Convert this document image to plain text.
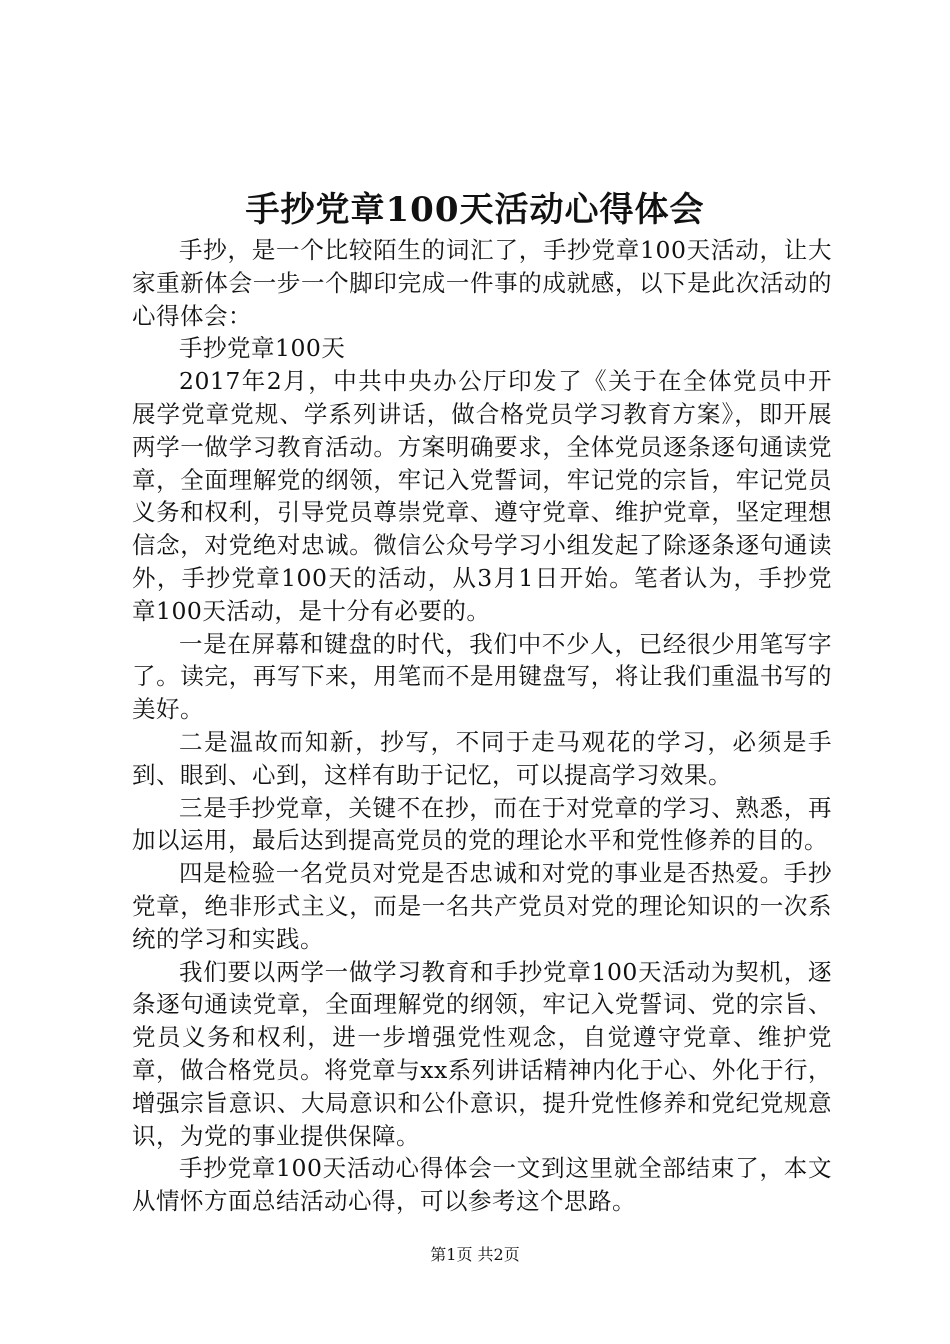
手抄党章100天活动心得体会

手抄，是一个比较陌生的词汇了，手抄党章100天活动，让大家重新体会一步一个脚印完成一件事的成就感，以下是此次活动的心得体会：

手抄党章100天

2017年2月，中共中央办公厅印发了《关于在全体党员中开展学党章党规、学系列讲话，做合格党员学习教育方案》，即开展两学一做学习教育活动。方案明确要求，全体党员逐条逐句通读党章，全面理解党的纲领，牢记入党誓词，牢记党的宗旨，牢记党员义务和权利，引导党员尊崇党章、遵守党章、维护党章，坚定理想信念，对党绝对忠诚。微信公众号学习小组发起了除逐条逐句通读外，手抄党章100天的活动，从3月1日开始。笔者认为，手抄党章100天活动，是十分有必要的。

一是在屏幕和键盘的时代，我们中不少人，已经很少用笔写字了。读完，再写下来，用笔而不是用键盘写，将让我们重温书写的美好。

二是温故而知新，抄写，不同于走马观花的学习，必须是手到、眼到、心到，这样有助于记忆，可以提高学习效果。

三是手抄党章，关键不在抄，而在于对党章的学习、熟悉，再加以运用，最后达到提高党员的党的理论水平和党性修养的目的。

四是检验一名党员对党是否忠诚和对党的事业是否热爱。手抄党章，绝非形式主义，而是一名共产党员对党的理论知识的一次系统的学习和实践。

我们要以两学一做学习教育和手抄党章100天活动为契机，逐条逐句通读党章，全面理解党的纲领，牢记入党誓词、党的宗旨、党员义务和权利，进一步增强党性观念，自觉遵守党章、维护党章，做合格党员。将党章与xx系列讲话精神内化于心、外化于行，增强宗旨意识、大局意识和公仆意识，提升党性修养和党纪党规意识，为党的事业提供保障。

手抄党章100天活动心得体会一文到这里就全部结束了，本文从情怀方面总结活动心得，可以参考这个思路。

第1页 共2页
